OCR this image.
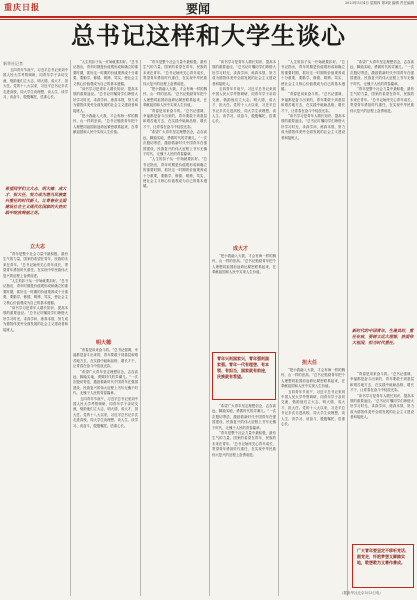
重庆日报	要闻	2023年5月4日 星期四 第3版 编辑 责任编辑
总书记这样和大学生谈心
新华社记者

五四青年节前夕，习近平总书记来到中国人民大学考察调研，同青年学子亲切交流，勉励他们立大志、明大德、成大才、担大任。党的十八大以来，习近平总书记多次走进高校，同大学生谈理想、谈人生、谈学习、谈奋斗，殷殷嘱托，语重心长。

希望同学们立大志、明大德、成大才、担大任，努力成为堪当民族复兴重任的时代新人，让青春在全面建设社会主义现代化国家的火热实践中绽放绚丽之花。
立大志

“青年是整个社会力量中最积极、最有生气的力量，国家的希望在青年，民族的未来在青年。”总书记始终关心青年成长，寄望青年勇担时代重任，在实现中华民族伟大复兴的征程上奋勇前进。

“人生的扣子从一开始就要扣好。”总书记指出，青年时期是价值观形成和确立的重要时期，抓好这一时期的价值观养成十分重要，要勤学、修德、明辨、笃实，使社会主义核心价值观成为自己的基本遵循。

“读书学习是青年人增长知识、提高本领的重要途径。”总书记叮嘱同学们珍惜大好学习时光，求真学问、练真本领，努力成为德智体美劳全面发展的社会主义建设者和接班人。

“人生的扣子从一开始就要扣好。”总书记指出，青年时期是价值观形成和确立的重要时期，抓好这一时期的价值观养成十分重要，要勤学、修德、明辨、笃实，使社会主义核心价值观成为自己的基本遵循。

“读书学习是青年人增长知识、提高本领的重要途径。”总书记叮嘱同学们珍惜大好学习时光，求真学问、练真本领，努力成为德智体美劳全面发展的社会主义建设者和接班人。

“把小我融入大我，才会有海一样的胸怀，山一样的崇高。”总书记勉励青年把个人理想同祖国前途命运紧密联系起来，在奉献祖国和人民中实现人生价值。

明大德

“青春是用来奋斗的。”总书记强调，幸福都是奋斗出来的，青年要敢于到基层和艰苦地方去，在实践中砥砺品格、增长才干，让青春在奋斗中绽放光彩。

“希望广大青年坚定理想信念，志存高远，脚踏实地，勇做时代的弄潮儿。”一次次殷切寄语，激励着新时代中国青年在强国建设、民族复兴的伟大征程上书写无愧于时代、无愧于人民的青春篇章。

五四青年节前夕，习近平总书记来到中国人民大学考察调研，同青年学子亲切交流，勉励他们立大志、明大德、成大才、担大任。党的十八大以来，习近平总书记多次走进高校，同大学生谈理想、谈人生、谈学习、谈奋斗，殷殷嘱托，语重心长。

“青年是整个社会力量中最积极、最有生气的力量，国家的希望在青年，民族的未来在青年。”总书记始终关心青年成长，寄望青年勇担时代重任，在实现中华民族伟大复兴的征程上奋勇前进。

“把小我融入大我，才会有海一样的胸怀，山一样的崇高。”总书记勉励青年把个人理想同祖国前途命运紧密联系起来，在奉献祖国和人民中实现人生价值。

“青春是用来奋斗的。”总书记强调，幸福都是奋斗出来的，青年要敢于到基层和艰苦地方去，在实践中砥砺品格、增长才干，让青春在奋斗中绽放光彩。

“希望广大青年坚定理想信念，志存高远，脚踏实地，勇做时代的弄潮儿。”一次次殷切寄语，激励着新时代中国青年在强国建设、民族复兴的伟大征程上书写无愧于时代、无愧于人民的青春篇章。

“人生的扣子从一开始就要扣好。”总书记指出，青年时期是价值观形成和确立的重要时期，抓好这一时期的价值观养成十分重要，要勤学、修德、明辨、笃实，使社会主义核心价值观成为自己的基本遵循。

“读书学习是青年人增长知识、提高本领的重要途径。”总书记叮嘱同学们珍惜大好学习时光，求真学问、练真本领，努力成为德智体美劳全面发展的社会主义建设者和接班人。

五四青年节前夕，习近平总书记来到中国人民大学考察调研，同青年学子亲切交流，勉励他们立大志、明大德、成大才、担大任。党的十八大以来，习近平总书记多次走进高校，同大学生谈理想、谈人生、谈学习、谈奋斗，殷殷嘱托，语重心长。

成大才

“把小我融入大我，才会有海一样的胸怀，山一样的崇高。”总书记勉励青年把个人理想同祖国前途命运紧密联系起来，在奉献祖国和人民中实现人生价值。

青年兴则国家兴，青年强则国家强。青年一代有理想、有本领、有担当，国家就有前途，民族就有希望。

“希望广大青年坚定理想信念，志存高远，脚踏实地，勇做时代的弄潮儿。”一次次殷切寄语，激励着新时代中国青年在强国建设、民族复兴的伟大征程上书写无愧于时代、无愧于人民的青春篇章。

“青年是整个社会力量中最积极、最有生气的力量，国家的希望在青年，民族的未来在青年。”总书记始终关心青年成长，寄望青年勇担时代重任，在实现中华民族伟大复兴的征程上奋勇前进。

“人生的扣子从一开始就要扣好。”总书记指出，青年时期是价值观形成和确立的重要时期，抓好这一时期的价值观养成十分重要，要勤学、修德、明辨、笃实，使社会主义核心价值观成为自己的基本遵循。

“青春是用来奋斗的。”总书记强调，幸福都是奋斗出来的，青年要敢于到基层和艰苦地方去，在实践中砥砺品格、增长才干，让青春在奋斗中绽放光彩。

“读书学习是青年人增长知识、提高本领的重要途径。”总书记叮嘱同学们珍惜大好学习时光，求真学问、练真本领，努力成为德智体美劳全面发展的社会主义建设者和接班人。

担大任

“把小我融入大我，才会有海一样的胸怀，山一样的崇高。”总书记勉励青年把个人理想同祖国前途命运紧密联系起来，在奉献祖国和人民中实现人生价值。

五四青年节前夕，习近平总书记来到中国人民大学考察调研，同青年学子亲切交流，勉励他们立大志、明大德、成大才、担大任。党的十八大以来，习近平总书记多次走进高校，同大学生谈理想、谈人生、谈学习、谈奋斗，殷殷嘱托，语重心长。

“希望广大青年坚定理想信念，志存高远，脚踏实地，勇做时代的弄潮儿。”一次次殷切寄语，激励着新时代中国青年在强国建设、民族复兴的伟大征程上书写无愧于时代、无愧于人民的青春篇章。

“青年是整个社会力量中最积极、最有生气的力量，国家的希望在青年，民族的未来在青年。”总书记始终关心青年成长，寄望青年勇担时代重任，在实现中华民族伟大复兴的征程上奋勇前进。

新时代的中国青年，生逢其时，重任在肩，要树立远大理想，热爱伟大祖国，担当时代重任。

“青春是用来奋斗的。”总书记强调，幸福都是奋斗出来的，青年要敢于到基层和艰苦地方去，在实践中砥砺品格、增长才干，让青春在奋斗中绽放光彩。

“读书学习是青年人增长知识、提高本领的重要途径。”总书记叮嘱同学们珍惜大好学习时光，求真学问、练真本领，努力成为德智体美劳全面发展的社会主义建设者和接班人。

广大青年要坚定不移听党话、跟党走，怀抱梦想又脚踏实地，敢想敢为又善作善成。
（据新华社北京5月3日电）
